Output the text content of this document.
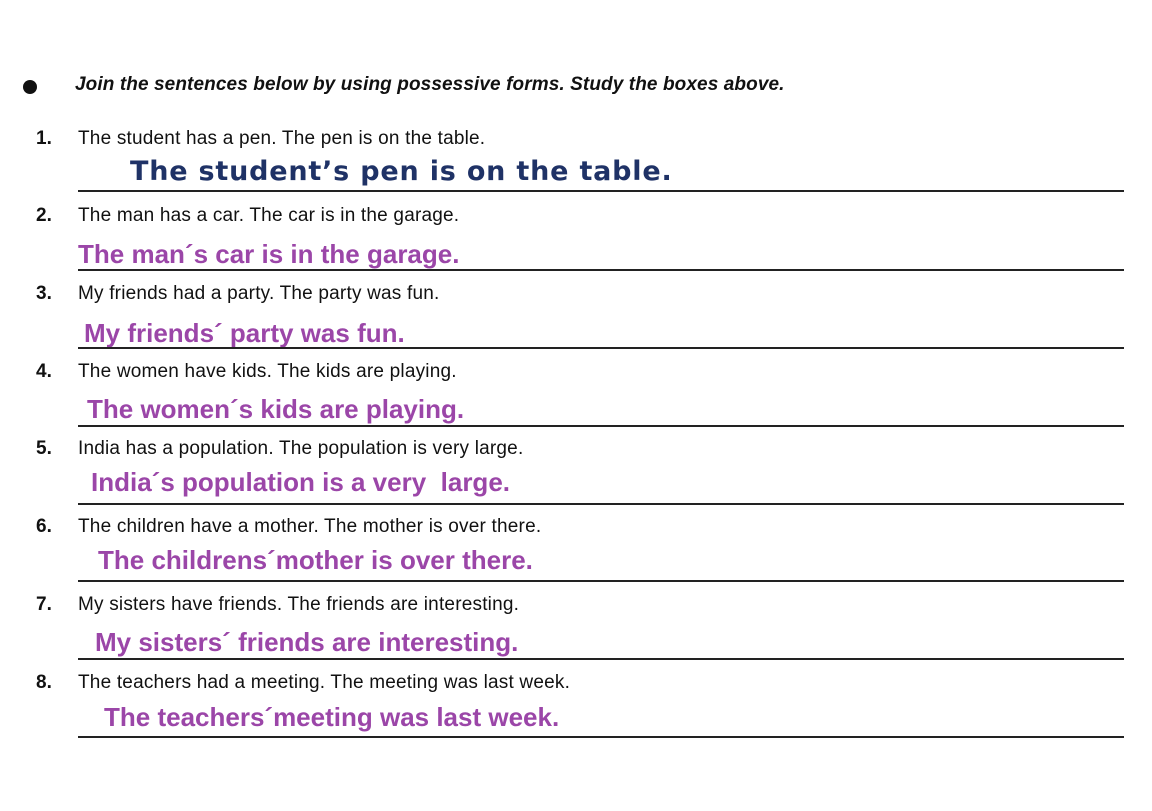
Join the sentences below by using possessive forms. Study the boxes above.
1. The student has a pen. The pen is on the table.
The student’s pen is on the table.
2. The man has a car. The car is in the garage.
The man´s car is in the garage.
3. My friends had a party. The party was fun.
My friends´ party was fun.
4. The women have kids. The kids are playing.
The women´s kids are playing.
5. India has a population. The population is very large.
India´s population is a very  large.
6. The children have a mother. The mother is over there.
The childrens´mother is over there.
7. My sisters have friends. The friends are interesting.
My sisters´ friends are interesting.
8. The teachers had a meeting. The meeting was last week.
The teachers´meeting was last week.
